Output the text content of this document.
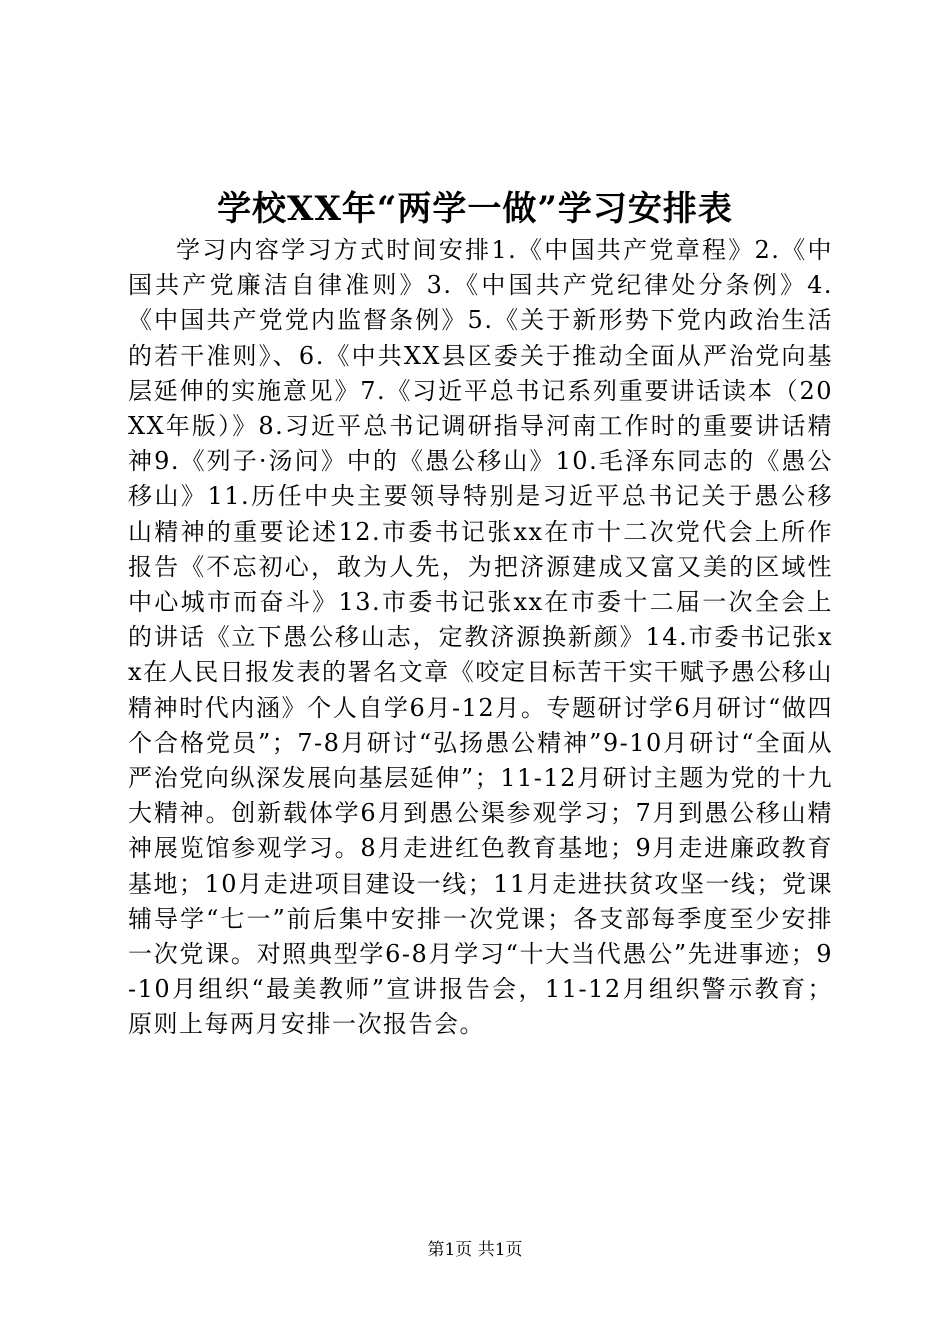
学校XX年“两学一做”学习安排表

学习内容学习方式时间安排1.《中国共产党章程》2.《中国共产党廉洁自律准则》3.《中国共产党纪律处分条例》4.《中国共产党党内监督条例》5.《关于新形势下党内政治生活的若干准则》、6.《中共XX县区委关于推动全面从严治党向基层延伸的实施意见》7.《习近平总书记系列重要讲话读本（20XX年版）》8.习近平总书记调研指导河南工作时的重要讲话精神9.《列子·汤问》中的《愚公移山》10.毛泽东同志的《愚公移山》11.历任中央主要领导特别是习近平总书记关于愚公移山精神的重要论述12.市委书记张xx在市十二次党代会上所作报告《不忘初心，敢为人先，为把济源建成又富又美的区域性中心城市而奋斗》13.市委书记张xx在市委十二届一次全会上的讲话《立下愚公移山志，定教济源换新颜》14.市委书记张xx在人民日报发表的署名文章《咬定目标苦干实干赋予愚公移山精神时代内涵》个人自学6月-12月。专题研讨学6月研讨“做四个合格党员”；7-8月研讨“弘扬愚公精神”9-10月研讨“全面从严治党向纵深发展向基层延伸”；11-12月研讨主题为党的十九大精神。创新载体学6月到愚公渠参观学习；7月到愚公移山精神展览馆参观学习。8月走进红色教育基地；9月走进廉政教育基地；10月走进项目建设一线；11月走进扶贫攻坚一线；党课辅导学“七一”前后集中安排一次党课；各支部每季度至少安排一次党课。对照典型学6-8月学习“十大当代愚公”先进事迹；9-10月组织“最美教师”宣讲报告会，11-12月组织警示教育；原则上每两月安排一次报告会。

第1页 共1页
